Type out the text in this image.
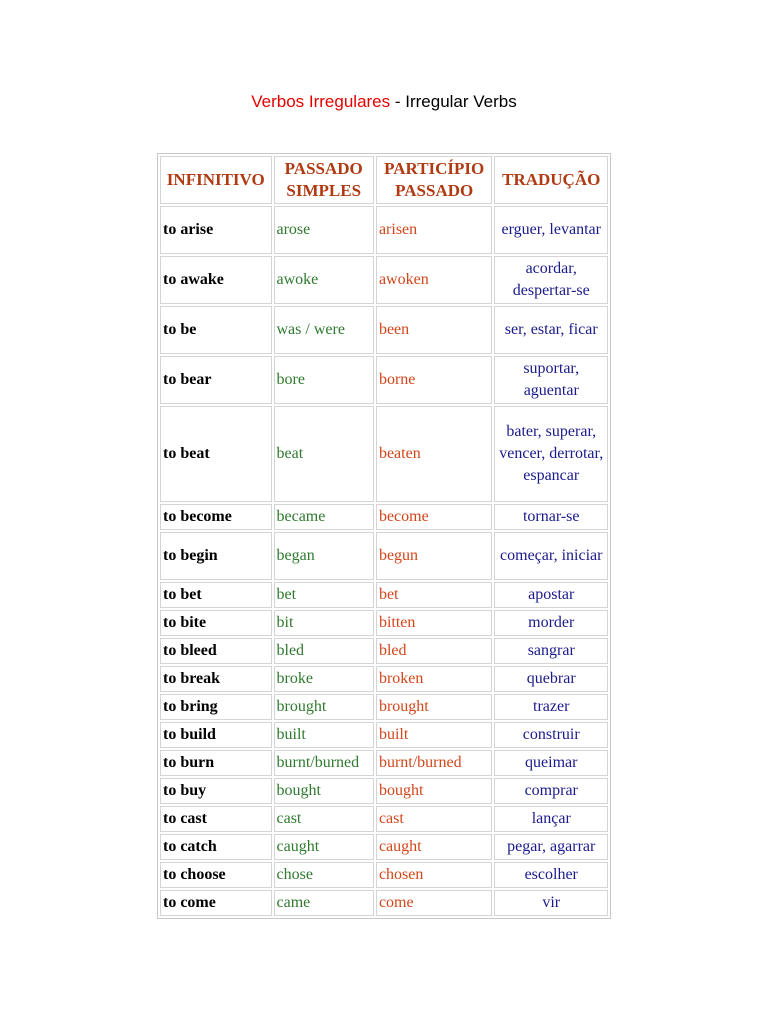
Verbos Irregulares - Irregular Verbs
INFINITIVO	PASSADO SIMPLES	PARTICÍPIO PASSADO	TRADUÇÃO
to arise	arose	arisen	erguer, levantar
to awake	awoke	awoken	acordar, despertar-se
to be	was / were	been	ser, estar, ficar
to bear	bore	borne	suportar, aguentar
to beat	beat	beaten	bater, superar, vencer, derrotar, espancar
to become	became	become	tornar-se
to begin	began	begun	começar, iniciar
to bet	bet	bet	apostar
to bite	bit	bitten	morder
to bleed	bled	bled	sangrar
to break	broke	broken	quebrar
to bring	brought	brought	trazer
to build	built	built	construir
to burn	burnt/burned	burnt/burned	queimar
to buy	bought	bought	comprar
to cast	cast	cast	lançar
to catch	caught	caught	pegar, agarrar
to choose	chose	chosen	escolher
to come	came	come	vir
